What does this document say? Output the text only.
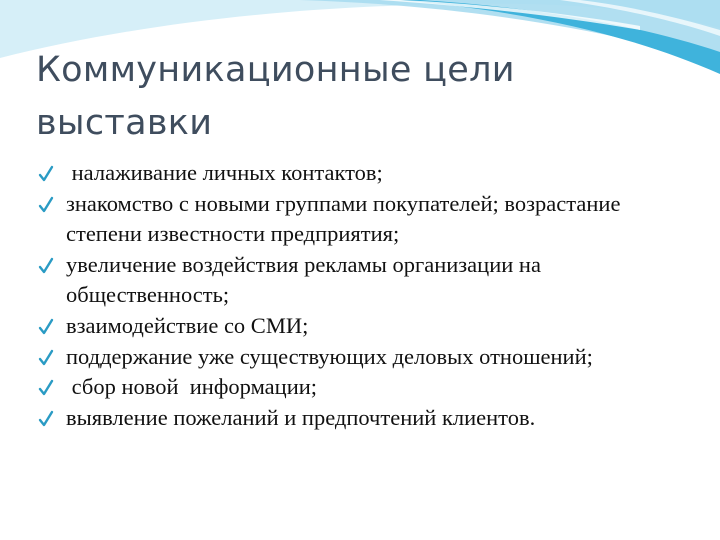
Коммуникационные цели выставки
налаживание личных контактов;
знакомство с новыми группами покупателей; возрастание степени известности предприятия;
увеличение воздействия рекламы организации на общественность;
взаимодействие со СМИ;
поддержание уже существующих деловых отношений;
сбор новой  информации;
выявление пожеланий и предпочтений клиентов.
